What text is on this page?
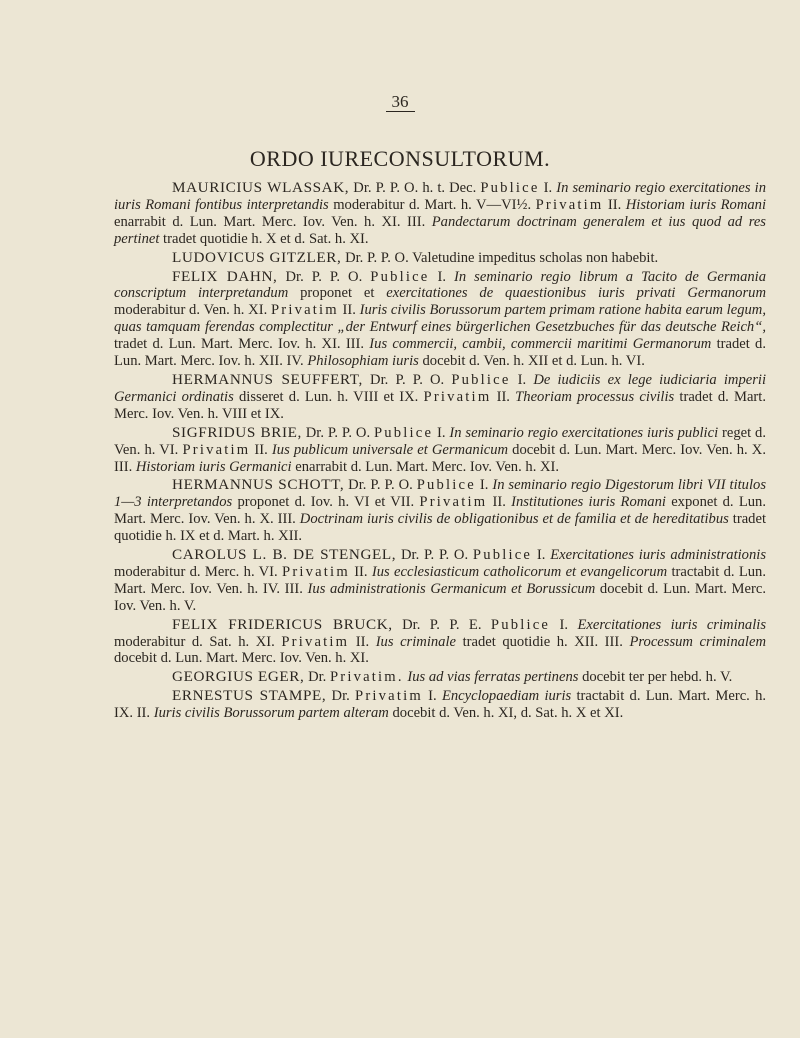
36
ORDO IURECONSULTORUM.

MAURICIUS WLASSAK, Dr. P. P. O. h. t. Dec. Publice I. In seminario regio exercitationes in iuris Romani fontibus interpretandis moderabitur d. Mart. h. V—VI½. Privatim II. Historiam iuris Romani enarrabit d. Lun. Mart. Merc. Iov. Ven. h. XI. III. Pandectarum doctrinam generalem et ius quod ad res pertinet tradet quotidie h. X et d. Sat. h. XI.

LUDOVICUS GITZLER, Dr. P. P. O. Valetudine impeditus scholas non habebit.

FELIX DAHN, Dr. P. P. O. Publice I. In seminario regio librum a Tacito de Germania conscriptum interpretandum proponet et exercitationes de quaestionibus iuris privati Germanorum moderabitur d. Ven. h. XI. Privatim II. Iuris civilis Borussorum partem primam ratione habita earum legum, quas tamquam ferendas complectitur „der Entwurf eines bürgerlichen Gesetzbuches für das deutsche Reich“, tradet d. Lun. Mart. Merc. Iov. h. XI. III. Ius commercii, cambii, commercii maritimi Germanorum tradet d. Lun. Mart. Merc. Iov. h. XII. IV. Philosophiam iuris docebit d. Ven. h. XII et d. Lun. h. VI.

HERMANNUS SEUFFERT, Dr. P. P. O. Publice I. De iudiciis ex lege iudiciaria imperii Germanici ordinatis disseret d. Lun. h. VIII et IX. Privatim II. Theoriam processus civilis tradet d. Mart. Merc. Iov. Ven. h. VIII et IX.

SIGFRIDUS BRIE, Dr. P. P. O. Publice I. In seminario regio exercitationes iuris publici reget d. Ven. h. VI. Privatim II. Ius publicum universale et Germanicum docebit d. Lun. Mart. Merc. Iov. Ven. h. X. III. Historiam iuris Germanici enarrabit d. Lun. Mart. Merc. Iov. Ven. h. XI.

HERMANNUS SCHOTT, Dr. P. P. O. Publice I. In seminario regio Digestorum libri VII titulos 1—3 interpretandos proponet d. Iov. h. VI et VII. Privatim II. Institutiones iuris Romani exponet d. Lun. Mart. Merc. Iov. Ven. h. X. III. Doctrinam iuris civilis de obligationibus et de familia et de hereditatibus tradet quotidie h. IX et d. Mart. h. XII.

CAROLUS L. B. DE STENGEL, Dr. P. P. O. Publice I. Exercitationes iuris administrationis moderabitur d. Merc. h. VI. Privatim II. Ius ecclesiasticum catholicorum et evangelicorum tractabit d. Lun. Mart. Merc. Iov. Ven. h. IV. III. Ius administrationis Germanicum et Borussicum docebit d. Lun. Mart. Merc. Iov. Ven. h. V.

FELIX FRIDERICUS BRUCK, Dr. P. P. E. Publice I. Exercitationes iuris criminalis moderabitur d. Sat. h. XI. Privatim II. Ius criminale tradet quotidie h. XII. III. Processum criminalem docebit d. Lun. Mart. Merc. Iov. Ven. h. XI.

GEORGIUS EGER, Dr. Privatim. Ius ad vias ferratas pertinens docebit ter per hebd. h. V.

ERNESTUS STAMPE, Dr. Privatim I. Encyclopaediam iuris tractabit d. Lun. Mart. Merc. h. IX. II. Iuris civilis Borussorum partem alteram docebit d. Ven. h. XI, d. Sat. h. X et XI.
